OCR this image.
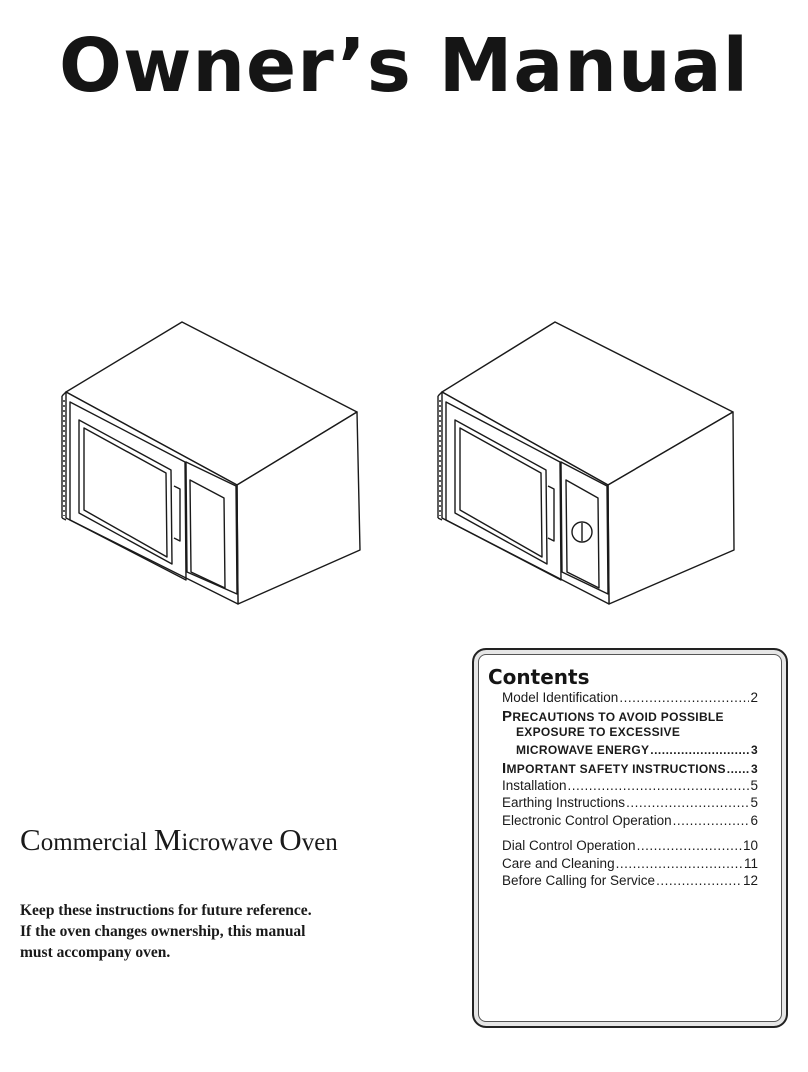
Owner’s Manual
Commercial Microwave Oven
Keep these instructions for future reference.
If the oven changes ownership, this manual
must accompany oven.
Contents
Model Identification .....	2
PRECAUTIONS TO AVOID POSSIBLE
EXPOSURE TO EXCESSIVE
MICROWAVE ENERGY .....	3
IMPORTANT SAFETY INSTRUCTIONS ..... 3
Installation .....	5
Earthing Instructions .....	5
Electronic Control Operation .....	6
Dial Control Operation .....	10
Care and Cleaning .....	11
Before Calling for Service .....	12
